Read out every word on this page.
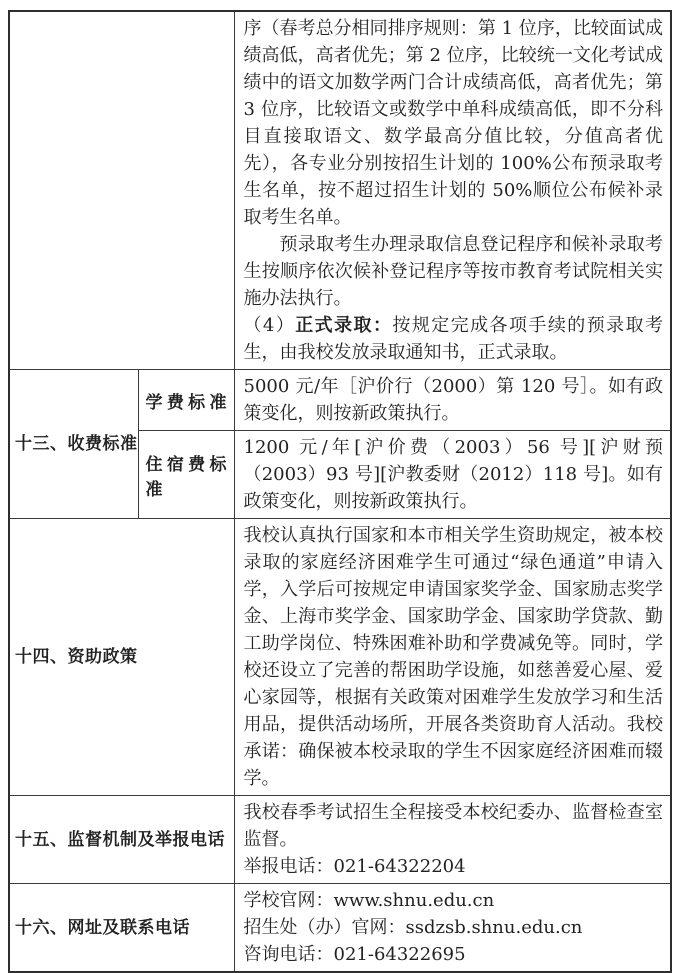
		序（春考总分相同排序规则：第 1 位序，比较面试成绩高低，高者优先；第 2 位序，比较统一文化考试成绩中的语文加数学两门合计成绩高低，高者优先；第 3 位序，比较语文或数学中单科成绩高低，即不分科目直接取语文、数学最高分值比较，分值高者优先），各专业分别按招生计划的 100%公布预录取考生名单，按不超过招生计划的 50%顺位公布候补录取考生名单。

预录取考生办理录取信息登记程序和候补录取考生按顺序依次候补登记程序等按市教育考试院相关实施办法执行。

（4）正式录取：按规定完成各项手续的预录取考生，由我校发放录取通知书，正式录取。

十三、收费标准	学费标准	5000 元/年［沪价行（2000）第 120 号］。如有政策变化，则按新政策执行。
	住宿费标准	1200 元/年[沪价费（2003）56 号][沪财预（2003）93 号][沪教委财（2012）118 号]。如有政策变化，则按新政策执行。
十四、资助政策		我校认真执行国家和本市相关学生资助规定，被本校录取的家庭经济困难学生可通过“绿色通道”申请入学，入学后可按规定申请国家奖学金、国家励志奖学金、上海市奖学金、国家助学金、国家助学贷款、勤工助学岗位、特殊困难补助和学费减免等。同时，学校还设立了完善的帮困助学设施，如慈善爱心屋、爱心家园等，根据有关政策对困难学生发放学习和生活用品，提供活动场所，开展各类资助育人活动。我校承诺：确保被本校录取的学生不因家庭经济困难而辍学。
十五、监督机制及举报电话		我校春季考试招生全程接受本校纪委办、监督检查室监督。

举报电话：021-64322204

十六、网址及联系电话		学校官网：www.shnu.edu.cn

招生处（办）官网：ssdzsb.shnu.edu.cn

咨询电话：021-64322695
